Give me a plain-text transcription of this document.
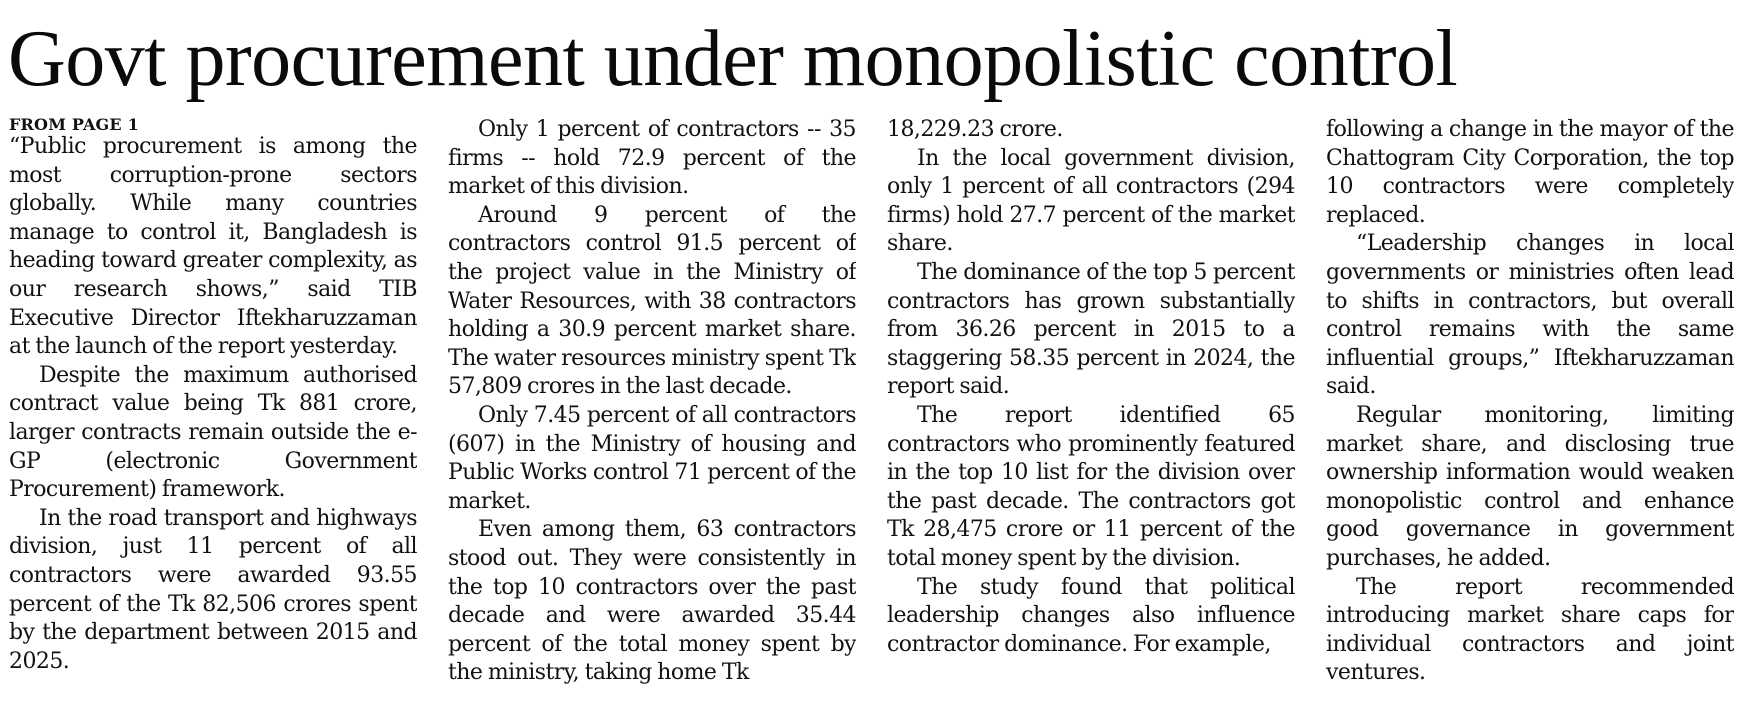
Govt procurement under monopolistic control
FROM PAGE 1

“Public procurement is among the most corruption-prone sectors globally. While many countries manage to control it, Bangladesh is heading toward greater complexity, as our research shows,” said TIB Executive Director Iftekharuzzaman at the launch of the report yesterday.

Despite the maximum authorised contract value being Tk 881 crore, larger contracts remain outside the e-GP (electronic Government Procurement) framework.

In the road transport and highways division, just 11 percent of all contractors were awarded 93.55 percent of the Tk 82,506 crores spent by the department between 2015 and 2025.

Only 1 percent of contractors -- 35 firms -- hold 72.9 percent of the market of this division.

Around 9 percent of the contractors control 91.5 percent of the project value in the Ministry of Water Resources, with 38 contractors holding a 30.9 percent market share. The water resources ministry spent Tk 57,809 crores in the last decade.

Only 7.45 percent of all contractors (607) in the Ministry of housing and Public Works control 71 percent of the market.

Even among them, 63 contractors stood out. They were consistently in the top 10 contractors over the past decade and were awarded 35.44 percent of the total money spent by the ministry, taking home Tk

18,229.23 crore.

In the local government division, only 1 percent of all contractors (294 firms) hold 27.7 percent of the market share.

The dominance of the top 5 percent contractors has grown substantially from 36.26 percent in 2015 to a staggering 58.35 percent in 2024, the report said.

The report identified 65 contractors who prominently featured in the top 10 list for the division over the past decade. The contractors got Tk 28,475 crore or 11 percent of the total money spent by the division.

The study found that political leadership changes also influence contractor dominance. For example,

following a change in the mayor of the Chattogram City Corporation, the top 10 contractors were completely replaced.

“Leadership changes in local governments or ministries often lead to shifts in contractors, but overall control remains with the same influential groups,” Iftekharuzzaman said.

Regular monitoring, limiting market share, and disclosing true ownership information would weaken monopolistic control and enhance good governance in government purchases, he added.

The report recommended introducing market share caps for individual contractors and joint ventures.
